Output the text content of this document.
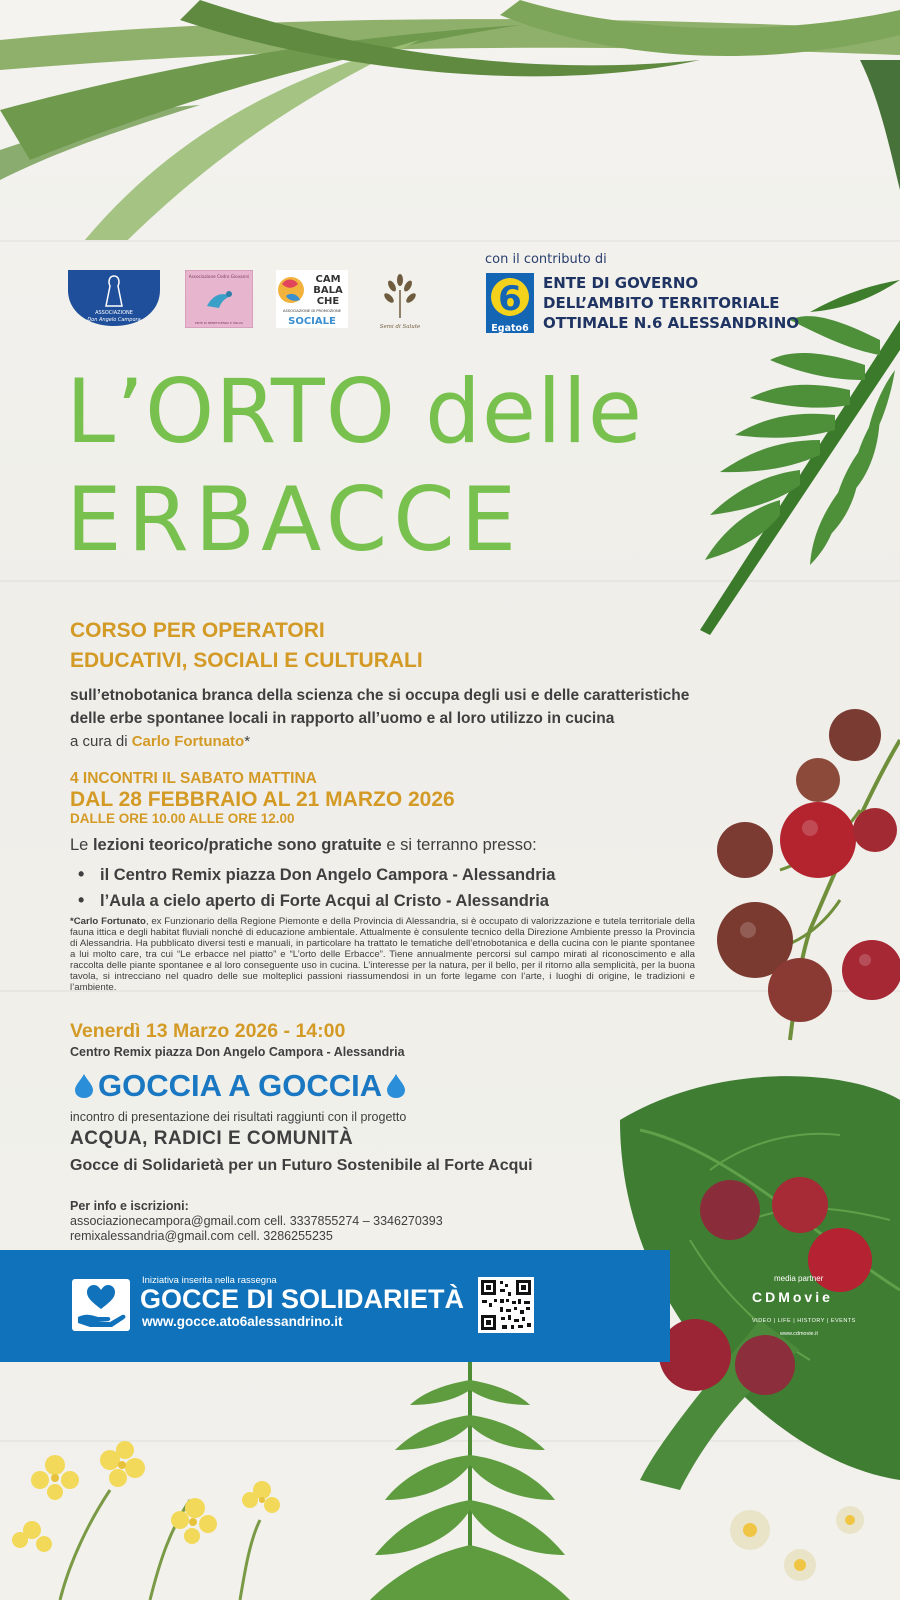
ASSOCIAZIONE
Don Angelo Campora
Associazione Cedro Giovanni
ENTE DI BENEFICENZA E ONLUS
CAM
BALA
CHE
ASSOCIAZIONE DI PROMOZIONE
SOCIALE	Semi di Salute
con il contributo di
6
Egato6
ENTE DI GOVERNO
DELL’AMBITO TERRITORIALE
OTTIMALE N.6 ALESSANDRINO
L’ORTO delle
ERBACCE
CORSO PER OPERATORI
EDUCATIVI, SOCIALI E CULTURALI
sull’etnobotanica branca della scienza che si occupa degli usi e delle caratteristiche
delle erbe spontanee locali in rapporto all’uomo e al loro utilizzo in cucina
a cura di Carlo Fortunato*
4 INCONTRI IL SABATO MATTINA
DAL 28 FEBBRAIO AL 21 MARZO 2026
DALLE ORE 10.00 ALLE ORE 12.00
Le lezioni teorico/pratiche sono gratuite e si terranno presso:
• il Centro Remix piazza Don Angelo Campora - Alessandria
• l’Aula a cielo aperto di Forte Acqui al Cristo - Alessandria
*Carlo Fortunato, ex Funzionario della Regione Piemonte e della Provincia di Alessandria, si è occupato di valorizzazione e tutela territoriale della fauna ittica e degli habitat fluviali nonché di educazione ambientale. Attualmente è consulente tecnico della Direzione Ambiente presso la Provincia di Alessandria. Ha pubblicato diversi testi e manuali, in particolare ha trattato le tematiche dell’etnobotanica e della cucina con le piante spontanee a lui molto care, tra cui “Le erbacce nel piatto” e “L’orto delle Erbacce”. Tiene annualmente percorsi sul campo mirati al riconoscimento e alla raccolta delle piante spontanee e al loro conseguente uso in cucina. L’interesse per la natura, per il bello, per il ritorno alla semplicità, per la buona tavola, si intrecciano nel quadro delle sue molteplici passioni riassumendosi in un forte legame con l’arte, i luoghi di origine, le tradizioni e l’ambiente.
Venerdì 13 Marzo 2026 - 14:00
Centro Remix piazza Don Angelo Campora - Alessandria
GOCCIA A GOCCIA
incontro di presentazione dei risultati raggiunti con il progetto
ACQUA, RADICI E COMUNITÀ
Gocce di Solidarietà per un Futuro Sostenibile al Forte Acqui
Per info e iscrizioni:
associazionecampora@gmail.com cell. 3337855274 – 3346270393
remixalessandria@gmail.com cell. 3286255235
Iniziativa inserita nella rassegna
GOCCE DI SOLIDARIETÀ
www.gocce.ato6alessandrino.it
media partner
CDMovie
VIDEO | LIFE | HISTORY | EVENTS
www.cdmovie.it
